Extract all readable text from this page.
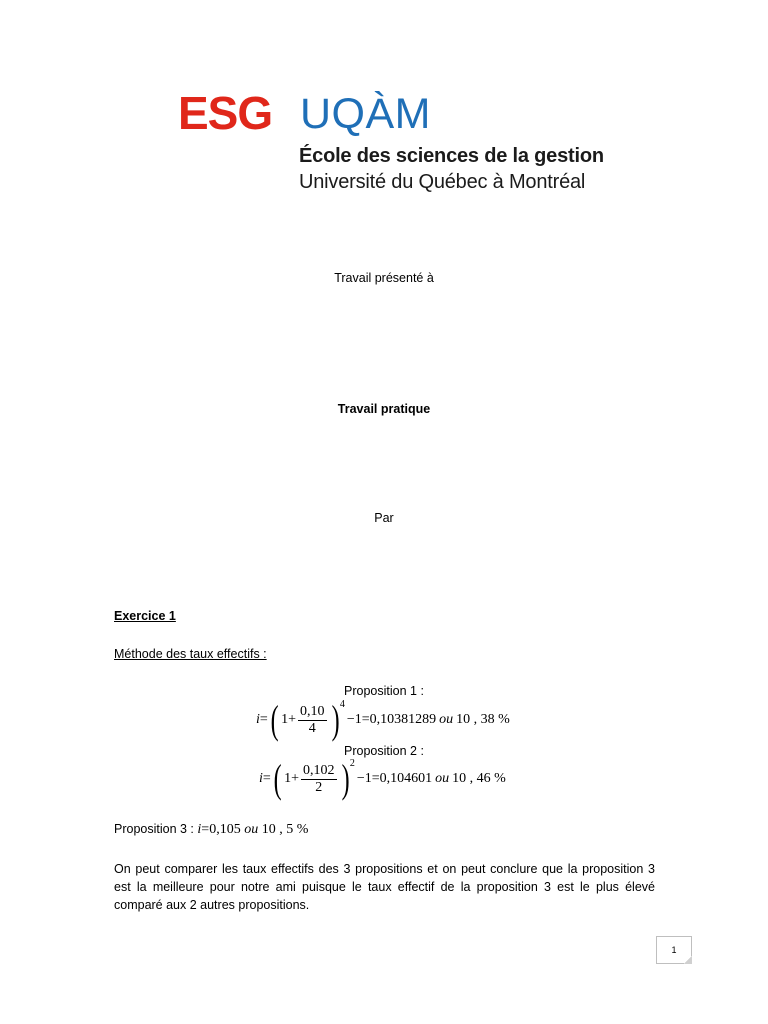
ESG UQÀM
École des sciences de la gestion
Université du Québec à Montréal
Travail présenté à
Travail pratique
Par
Exercice 1
Méthode des taux effectifs :
Proposition 1 :
i = ( $1 + \frac{0,10}{4}$ ) 4
−1=0,10381289 ou 10 , 38 %
Proposition 2 :
i = ( $1 + \frac{0,102}{2}$ ) 2
−1=0,104601 ou 10 , 46 %
Proposition 3 : i=0,105 ou 10 , 5 %
On peut comparer les taux effectifs des 3 propositions et on peut conclure que la proposition 3 est la meilleure pour notre ami puisque le taux effectif de la proposition 3 est le plus élevé comparé aux 2 autres propositions.
1
